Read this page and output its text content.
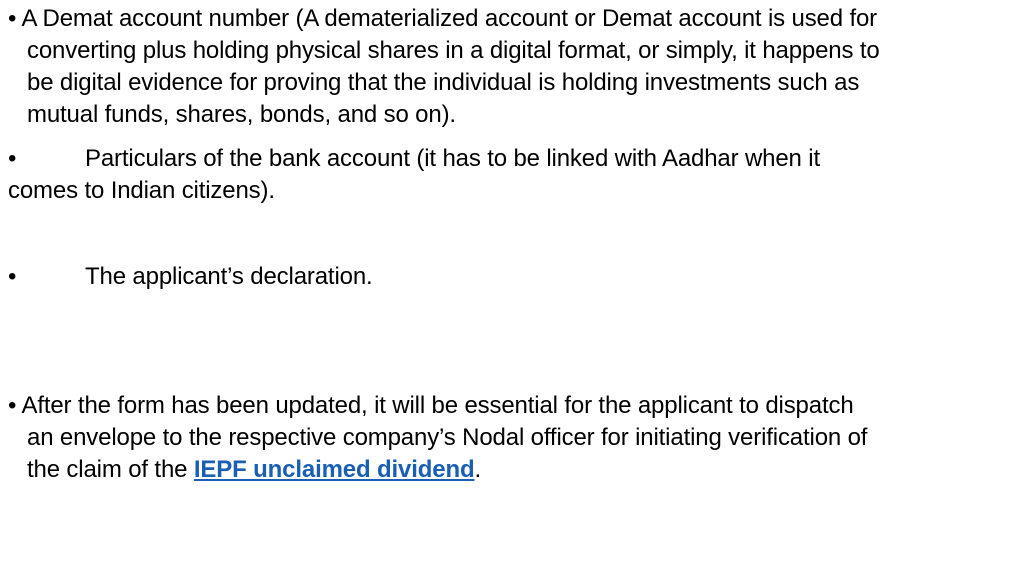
• A Demat account number (A dematerialized account or Demat account is used for
converting plus holding physical shares in a digital format, or simply, it happens to
be digital evidence for proving that the individual is holding investments such as
mutual funds, shares, bonds, and so on).
•	Particulars of the bank account (it has to be linked with Aadhar when it
comes to Indian citizens).
•	The applicant’s declaration.
• After the form has been updated, it will be essential for the applicant to dispatch
an envelope to the respective company’s Nodal officer for initiating verification of
the claim of the IEPF unclaimed dividend.
